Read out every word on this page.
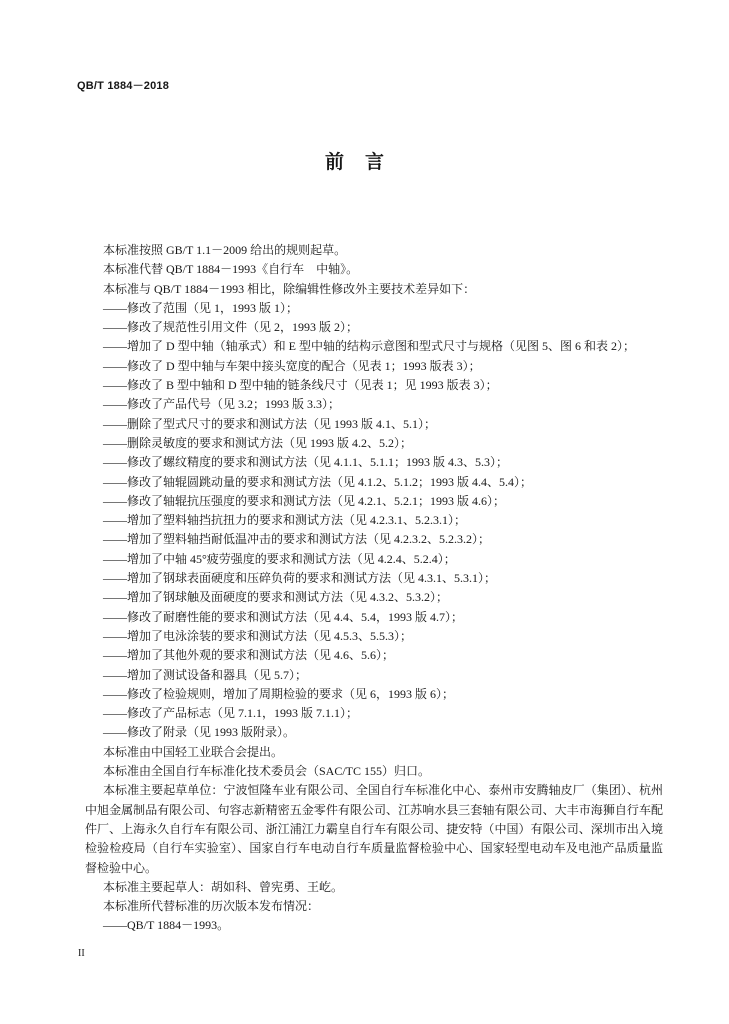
QB/T 1884－2018
前　言

本标准按照 GB/T 1.1－2009 给出的规则起草。

本标准代替 QB/T 1884－1993《自行车　中轴》。

本标准与 QB/T 1884－1993 相比，除编辑性修改外主要技术差异如下：

——修改了范围（见 1，1993 版 1）；

——修改了规范性引用文件（见 2，1993 版 2）；

——增加了 D 型中轴（轴承式）和 E 型中轴的结构示意图和型式尺寸与规格（见图 5、图 6 和表 2）；

——修改了 D 型中轴与车架中接头宽度的配合（见表 1；1993 版表 3）；

——修改了 B 型中轴和 D 型中轴的链条线尺寸（见表 1；见 1993 版表 3）；

——修改了产品代号（见 3.2；1993 版 3.3）；

——删除了型式尺寸的要求和测试方法（见 1993 版 4.1、5.1）；

——删除灵敏度的要求和测试方法（见 1993 版 4.2、5.2）；

——修改了螺纹精度的要求和测试方法（见 4.1.1、5.1.1；1993 版 4.3、5.3）；

——修改了轴辊圆跳动量的要求和测试方法（见 4.1.2、5.1.2；1993 版 4.4、5.4）；

——修改了轴辊抗压强度的要求和测试方法（见 4.2.1、5.2.1；1993 版 4.6）；

——增加了塑料轴挡抗扭力的要求和测试方法（见 4.2.3.1、5.2.3.1）；

——增加了塑料轴挡耐低温冲击的要求和测试方法（见 4.2.3.2、5.2.3.2）；

——增加了中轴 45°疲劳强度的要求和测试方法（见 4.2.4、5.2.4）；

——增加了钢球表面硬度和压碎负荷的要求和测试方法（见 4.3.1、5.3.1）；

——增加了钢球触及面硬度的要求和测试方法（见 4.3.2、5.3.2）；

——修改了耐磨性能的要求和测试方法（见 4.4、5.4，1993 版 4.7）；

——增加了电泳涂装的要求和测试方法（见 4.5.3、5.5.3）；

——增加了其他外观的要求和测试方法（见 4.6、5.6）；

——增加了测试设备和器具（见 5.7）；

——修改了检验规则，增加了周期检验的要求（见 6，1993 版 6）；

——修改了产品标志（见 7.1.1，1993 版 7.1.1）；

——修改了附录（见 1993 版附录）。

本标准由中国轻工业联合会提出。

本标准由全国自行车标准化技术委员会（SAC/TC 155）归口。

本标准主要起草单位：宁波恒隆车业有限公司、全国自行车标准化中心、泰州市安腾轴皮厂（集团）、杭州中旭金属制品有限公司、句容志新精密五金零件有限公司、江苏响水县三套轴有限公司、大丰市海狮自行车配件厂、上海永久自行车有限公司、浙江浦江力霸皇自行车有限公司、捷安特（中国）有限公司、深圳市出入境检验检疫局（自行车实验室）、国家自行车电动自行车质量监督检验中心、国家轻型电动车及电池产品质量监督检验中心。

本标准主要起草人：胡如科、曾宪勇、王屹。

本标准所代替标准的历次版本发布情况：

——QB/T 1884－1993。

II
